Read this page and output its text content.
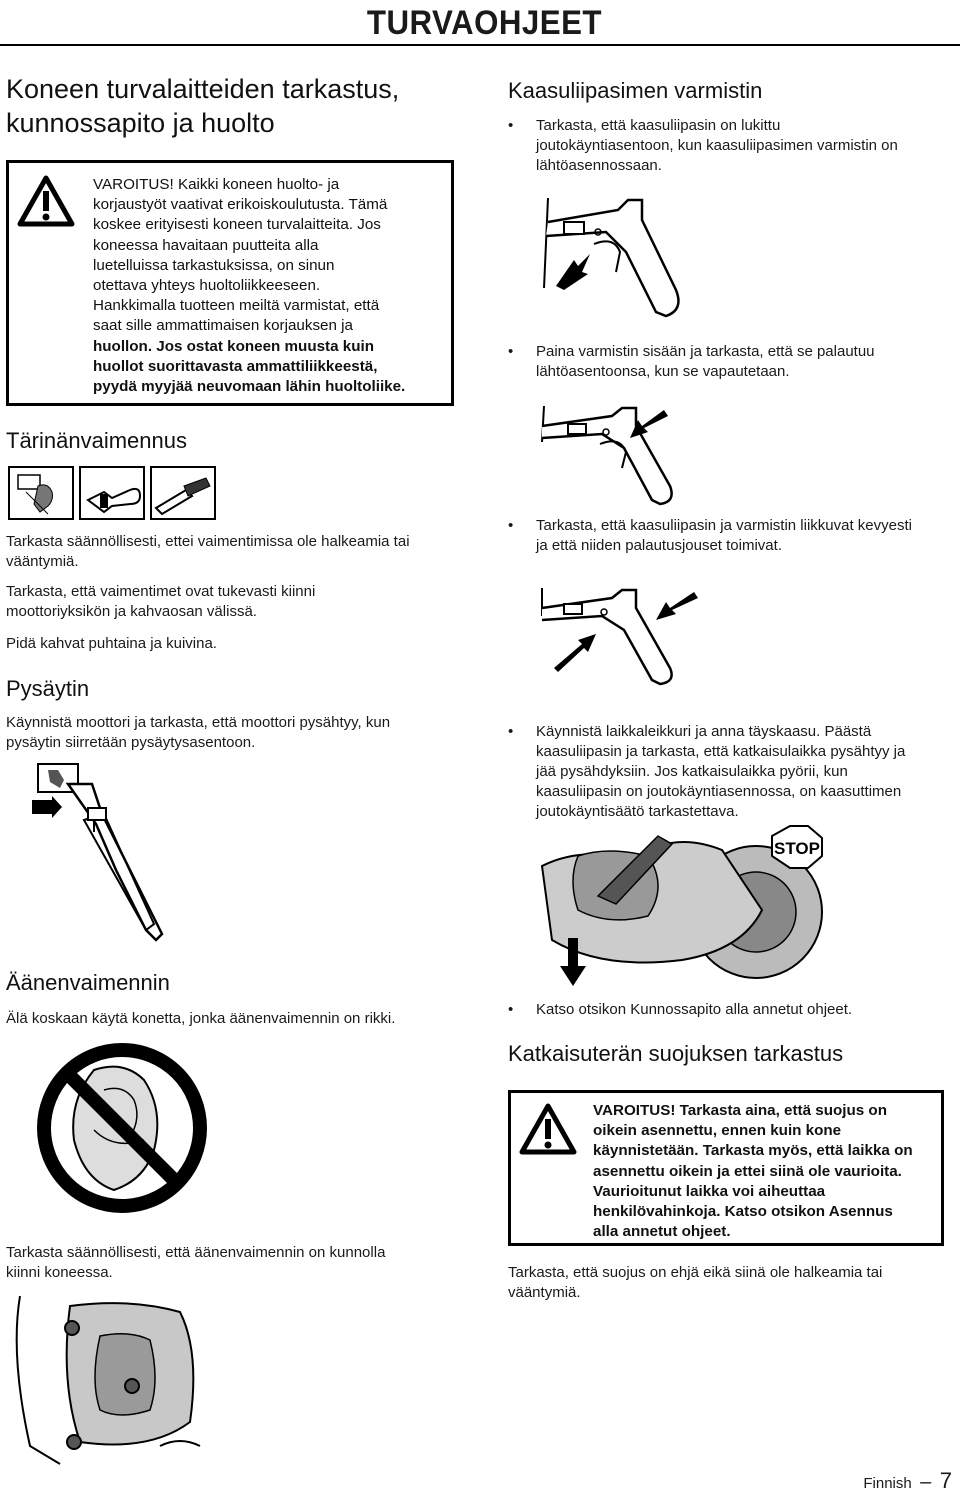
TURVAOHJEET
Koneen turvalaitteiden tarkastus,
kunnossapito ja huolto
VAROITUS! Kaikki koneen huolto- ja
korjaustyöt vaativat erikoiskoulutusta. Tämä
koskee erityisesti koneen turvalaitteita. Jos
koneessa havaitaan puutteita alla
luetelluissa tarkastuksissa, on sinun
otettava yhteys huoltoliikkeeseen.
Hankkimalla tuotteen meiltä varmistat, että
saat sille ammattimaisen korjauksen ja
huollon. Jos ostat koneen muusta kuin
huollot suorittavasta ammattiliikkeestä,
pyydä myyjää neuvomaan lähin huoltoliike.
Tärinänvaimennus

Tarkasta säännöllisesti, ettei vaimentimissa ole halkeamia tai
vääntymiä.

Tarkasta, että vaimentimet ovat tukevasti kiinni
moottoriyksikön ja kahvaosan välissä.

Pidä kahvat puhtaina ja kuivina.

Pysäytin

Käynnistä moottori ja tarkasta, että moottori pysähtyy, kun
pysäytin siirretään pysäytysasentoon.

Äänenvaimennin

Älä koskaan käytä konetta, jonka äänenvaimennin on rikki.

Tarkasta säännöllisesti, että äänenvaimennin on kunnolla
kiinni koneessa.

Kaasuliipasimen varmistin
• Tarkasta, että kaasuliipasin on lukittu
joutokäyntiasentoon, kun kaasuliipasimen varmistin on
lähtöasennossaan.
• Paina varmistin sisään ja tarkasta, että se palautuu
lähtöasentoonsa, kun se vapautetaan.
• Tarkasta, että kaasuliipasin ja varmistin liikkuvat kevyesti
ja että niiden palautusjouset toimivat.
• Käynnistä laikkaleikkuri ja anna täyskaasu. Päästä
kaasuliipasin ja tarkasta, että katkaisulaikka pysähtyy ja
jää pysähdyksiin. Jos katkaisulaikka pyörii, kun
kaasuliipasin on joutokäyntiasennossa, on kaasuttimen
joutokäyntisäätö tarkastettava.
STOP
• Katso otsikon Kunnossapito alla annetut ohjeet.
Katkaisuterän suojuksen tarkastus
VAROITUS! Tarkasta aina, että suojus on
oikein asennettu, ennen kuin kone
käynnistetään. Tarkasta myös, että laikka on
asennettu oikein ja ettei siinä ole vaurioita.
Vaurioitunut laikka voi aiheuttaa
henkilövahinkoja. Katso otsikon Asennus
alla annetut ohjeet.

Tarkasta, että suojus on ehjä eikä siinä ole halkeamia tai
vääntymiä.

Finnish – 7
